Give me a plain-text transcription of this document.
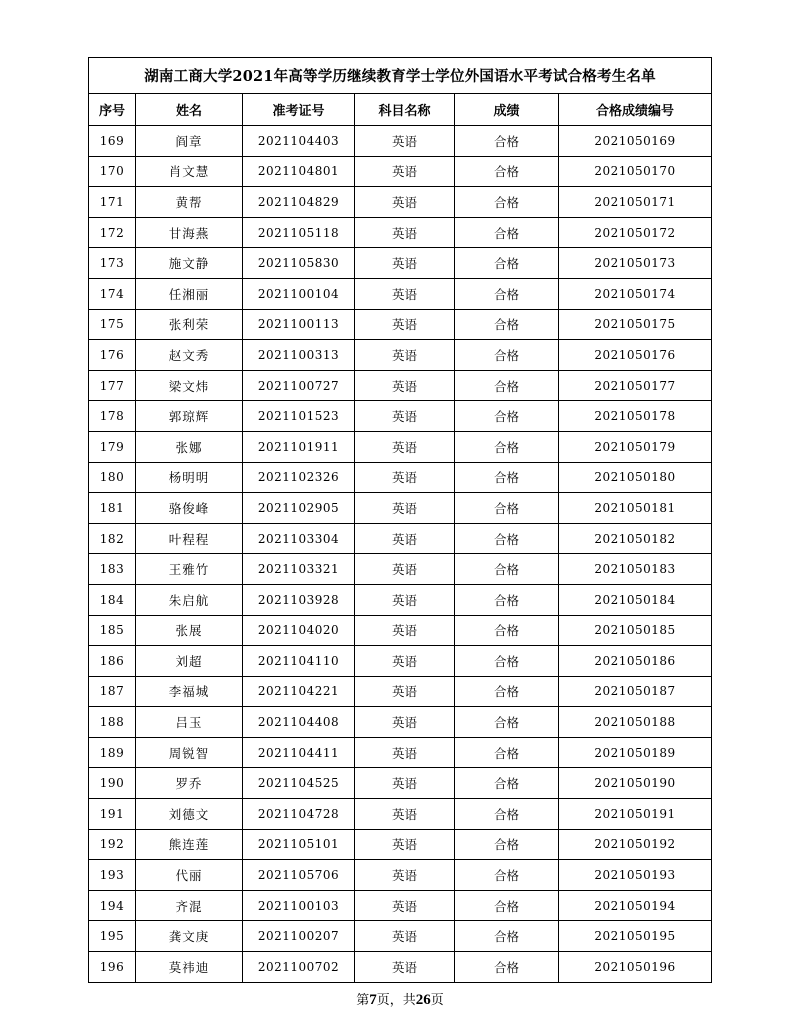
湖南工商大学2021年高等学历继续教育学士学位外国语水平考试合格考生名单					
序号	姓名	准考证号	科目名称	成绩	合格成绩编号
169	阎章	2021104403	英语	合格	2021050169
170	肖文慧	2021104801	英语	合格	2021050170
171	黄帮	2021104829	英语	合格	2021050171
172	甘海燕	2021105118	英语	合格	2021050172
173	施文静	2021105830	英语	合格	2021050173
174	任湘丽	2021100104	英语	合格	2021050174
175	张利荣	2021100113	英语	合格	2021050175
176	赵文秀	2021100313	英语	合格	2021050176
177	梁文炜	2021100727	英语	合格	2021050177
178	郭琼辉	2021101523	英语	合格	2021050178
179	张娜	2021101911	英语	合格	2021050179
180	杨明明	2021102326	英语	合格	2021050180
181	骆俊峰	2021102905	英语	合格	2021050181
182	叶程程	2021103304	英语	合格	2021050182
183	王雅竹	2021103321	英语	合格	2021050183
184	朱启航	2021103928	英语	合格	2021050184
185	张展	2021104020	英语	合格	2021050185
186	刘超	2021104110	英语	合格	2021050186
187	李福城	2021104221	英语	合格	2021050187
188	吕玉	2021104408	英语	合格	2021050188
189	周锐智	2021104411	英语	合格	2021050189
190	罗乔	2021104525	英语	合格	2021050190
191	刘德文	2021104728	英语	合格	2021050191
192	熊连莲	2021105101	英语	合格	2021050192
193	代丽	2021105706	英语	合格	2021050193
194	齐混	2021100103	英语	合格	2021050194
195	龚文庚	2021100207	英语	合格	2021050195
196	莫祎迪	2021100702	英语	合格	2021050196
第7页，共26页
